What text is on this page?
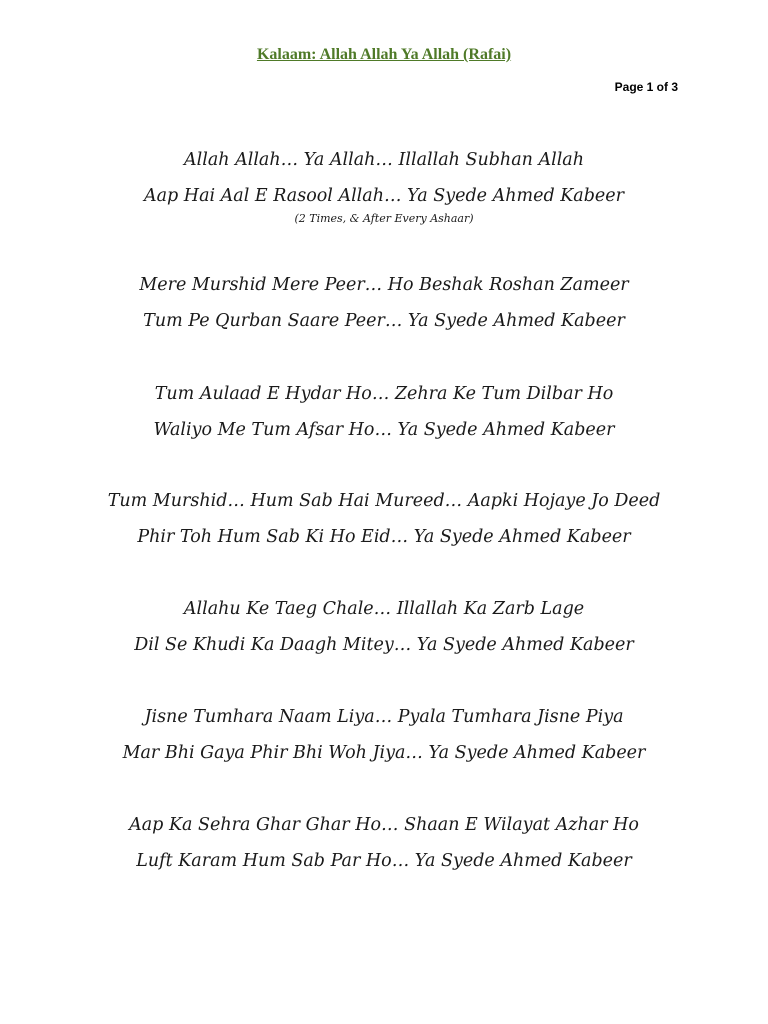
Kalaam: Allah Allah Ya Allah (Rafai)
Page 1 of 3
Allah Allah… Ya Allah… Illallah Subhan Allah
Aap Hai Aal E Rasool Allah… Ya Syede Ahmed Kabeer
(2 Times, & After Every Ashaar)
Mere Murshid Mere Peer… Ho Beshak Roshan Zameer
Tum Pe Qurban Saare Peer… Ya Syede Ahmed Kabeer
Tum Aulaad E Hydar Ho… Zehra Ke Tum Dilbar Ho
Waliyo Me Tum Afsar Ho… Ya Syede Ahmed Kabeer
Tum Murshid… Hum Sab Hai Mureed… Aapki Hojaye Jo Deed
Phir Toh Hum Sab Ki Ho Eid… Ya Syede Ahmed Kabeer
Allahu Ke Taeg Chale… Illallah Ka Zarb Lage
Dil Se Khudi Ka Daagh Mitey… Ya Syede Ahmed Kabeer
Jisne Tumhara Naam Liya… Pyala Tumhara Jisne Piya
Mar Bhi Gaya Phir Bhi Woh Jiya… Ya Syede Ahmed Kabeer
Aap Ka Sehra Ghar Ghar Ho… Shaan E Wilayat Azhar Ho
Luft Karam Hum Sab Par Ho… Ya Syede Ahmed Kabeer
